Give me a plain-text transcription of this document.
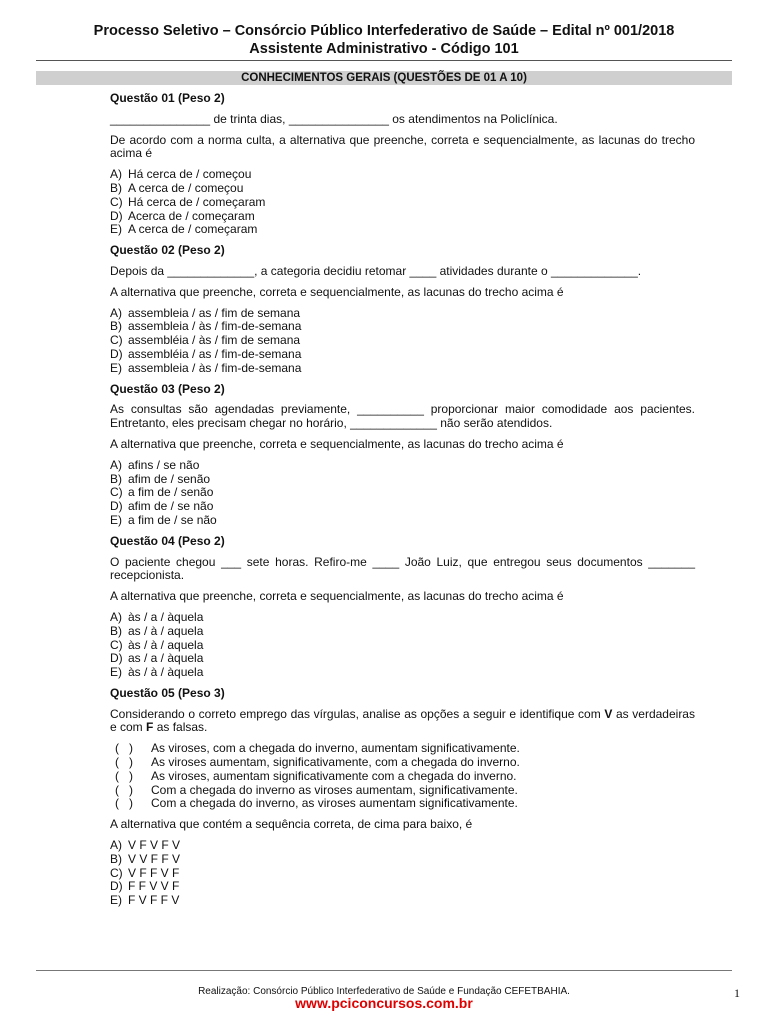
Processo Seletivo – Consórcio Público Interfederativo de Saúde – Edital nº 001/2018
Assistente Administrativo - Código 101
CONHECIMENTOS GERAIS (QUESTÕES DE 01 A 10)
Questão 01 (Peso 2)
_______________ de trinta dias, _______________ os atendimentos na Policlínica.
De acordo com a norma culta, a alternativa que preenche, correta e sequencialmente, as lacunas do trecho acima é
A) Há cerca de / começou
B) A cerca de / começou
C) Há cerca de / começaram
D) Acerca de / começaram
E) A cerca de / começaram
Questão 02 (Peso 2)
Depois da _____________, a categoria decidiu retomar ____ atividades durante o _____________.
A alternativa que preenche, correta e sequencialmente, as lacunas do trecho acima é
A) assembleia / as / fim de semana
B) assembleia / às / fim-de-semana
C) assembléia / às / fim de semana
D) assembléia / as / fim-de-semana
E) assembleia / às / fim-de-semana
Questão 03 (Peso 2)
As consultas são agendadas previamente, __________ proporcionar maior comodidade aos pacientes. Entretanto, eles precisam chegar no horário, _____________ não serão atendidos.
A alternativa que preenche, correta e sequencialmente, as lacunas do trecho acima é
A) afins / se não
B) afim de / senão
C) a fim de / senão
D) afim de / se não
E) a fim de / se não
Questão 04 (Peso 2)
O paciente chegou ___ sete horas. Refiro-me ____ João Luiz, que entregou seus documentos _______ recepcionista.
A alternativa que preenche, correta e sequencialmente, as lacunas do trecho acima é
A) às / a / àquela
B) as / à / aquela
C) às / à / aquela
D) as / a / àquela
E) às / à / àquela
Questão 05 (Peso 3)
Considerando o correto emprego das vírgulas, analise as opções a seguir e identifique com V as verdadeiras e com F as falsas.
(   )	As viroses, com a chegada do inverno, aumentam significativamente.
(   )	As viroses aumentam, significativamente, com a chegada do inverno.
(   )	As viroses, aumentam significativamente com a chegada do inverno.
(   )	Com a chegada do inverno as viroses aumentam, significativamente.
(   )	Com a chegada do inverno, as viroses aumentam significativamente.
A alternativa que contém a sequência correta, de cima para baixo, é
A) V F V F V
B) V V F F V
C) V F F V F
D) F F V V F
E) F V F F V
Realização: Consórcio Público Interfederativo de Saúde e Fundação CEFETBAHIA.
www.pciconcursos.com.br
1
